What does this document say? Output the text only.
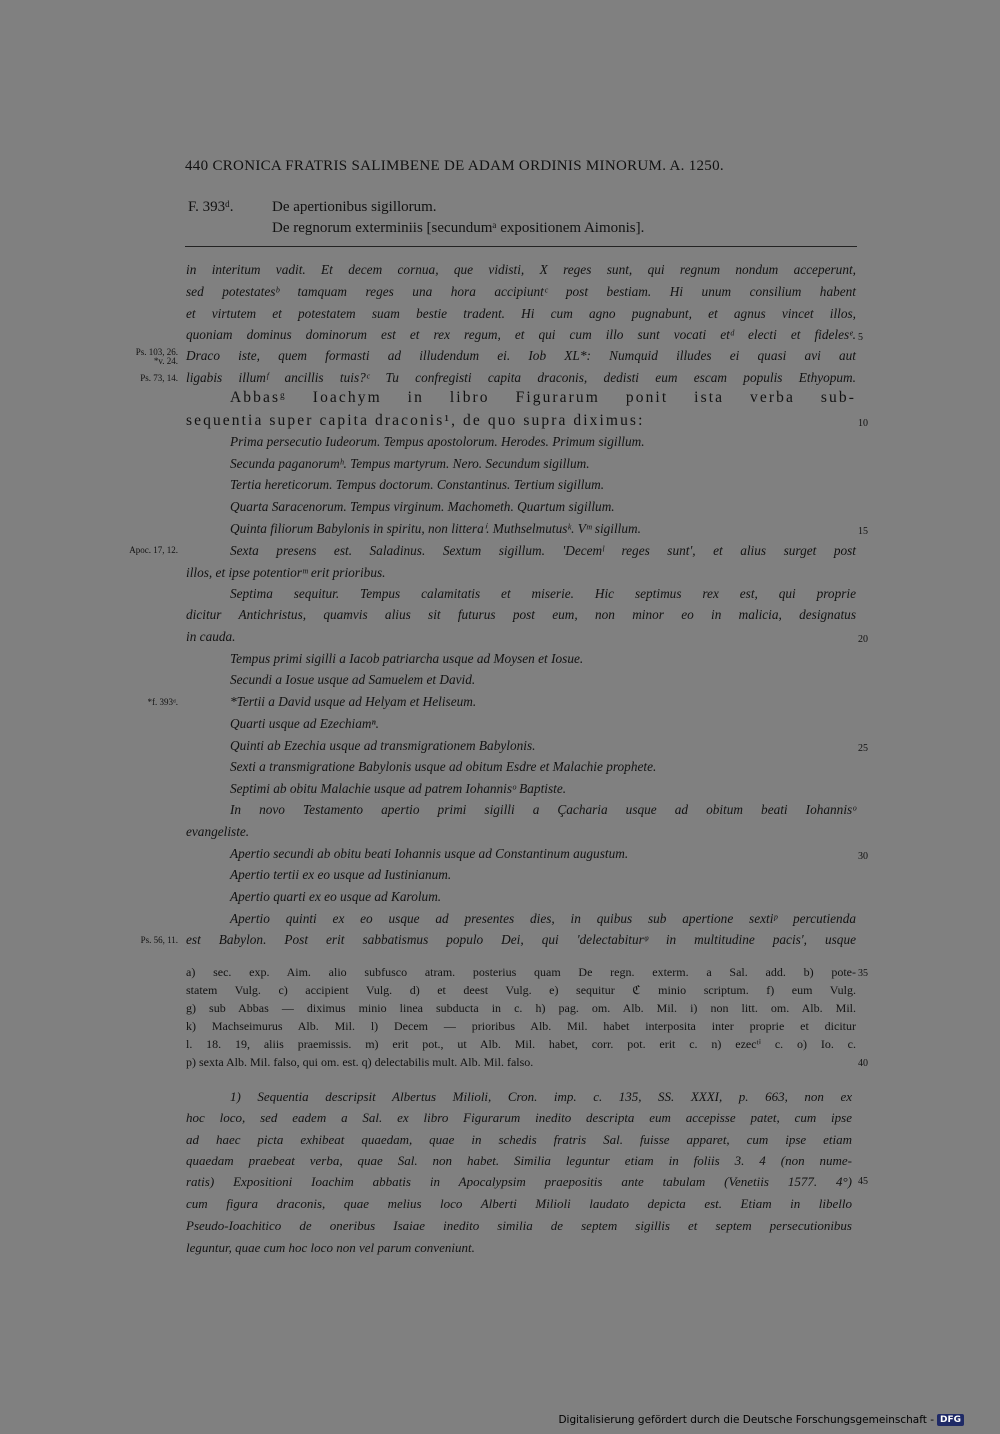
440 CRONICA FRATRIS SALIMBENE DE ADAM ORDINIS MINORUM. A. 1250.
F. 393ᵈ.	De apertionibus sigillorum.
De regnorum exterminiis [secundumᵃ expositionem Aimonis].
in interitum vadit. Et decem cornua, que vidisti, X reges sunt, qui regnum nondum acceperunt,
sed potestatesᵇ tamquam reges una hora accipiuntᶜ post bestiam. Hi unum consilium habent
et virtutem et potestatem suam bestie tradent. Hi cum agno pugnabunt, et agnus vincet illos,
quoniam dominus dominorum est et rex regum, et qui cum illo sunt vocati etᵈ electi et fidelesᵉ.
Draco iste, quem formasti ad illudendum ei. Iob XL*: Numquid illudes ei quasi avi aut
ligabis illumᶠ ancillis tuis?ᶜ Tu confregisti capita draconis, dedisti eum escam populis Ethyopum.
Abbasᵍ Ioachym in libro Figurarum ponit ista verba sub-
sequentia super capita draconis¹, de quo supra diximus:
Prima persecutio Iudeorum. Tempus apostolorum. Herodes. Primum sigillum.
Secunda paganorumʰ. Tempus martyrum. Nero. Secundum sigillum.
Tertia hereticorum. Tempus doctorum. Constantinus. Tertium sigillum.
Quarta Saracenorum. Tempus virginum. Machometh. Quartum sigillum.
Quinta filiorum Babylonis in spiritu, non litteraⁱ. Muthselmutusᵏ. Vᵐ sigillum.
Sexta presens est. Saladinus. Sextum sigillum. 'Decemˡ reges sunt', et alius surget post
illos, et ipse potentiorᵐ erit prioribus.
Septima sequitur. Tempus calamitatis et miserie. Hic septimus rex est, qui proprie
dicitur Antichristus, quamvis alius sit futurus post eum, non minor eo in malicia, designatus
in cauda.
Tempus primi sigilli a Iacob patriarcha usque ad Moysen et Iosue.
Secundi a Iosue usque ad Samuelem et David.
*Tertii a David usque ad Helyam et Heliseum.
Quarti usque ad Ezechiamⁿ.
Quinti ab Ezechia usque ad transmigrationem Babylonis.
Sexti a transmigratione Babylonis usque ad obitum Esdre et Malachie prophete.
Septimi ab obitu Malachie usque ad patrem Iohannisᵒ Baptiste.
In novo Testamento apertio primi sigilli a Çacharia usque ad obitum beati Iohannisᵒ
evangeliste.
Apertio secundi ab obitu beati Iohannis usque ad Constantinum augustum.
Apertio tertii ex eo usque ad Iustinianum.
Apertio quarti ex eo usque ad Karolum.
Apertio quinti ex eo usque ad presentes dies, in quibus sub apertione sextiᵖ percutienda
est Babylon. Post erit sabbatismus populo Dei, qui 'delectabiturᵠ in multitudine pacis', usque
Ps. 103, 26.
*v. 24.
Ps. 73, 14.
Apoc. 17, 12.
*f. 393ᵈ.
Ps. 56, 11.
5
10
15
20
25
30
35
40
45
a) sec. exp. Aim. alio subfusco atram. posterius quam De regn. exterm. a Sal. add. b) pote-
statem Vulg. c) accipient Vulg. d) et deest Vulg. e) sequitur ℭ minio scriptum. f) eum Vulg.
g) sub Abbas — diximus minio linea subducta in c. h) pag. om. Alb. Mil. i) non litt. om. Alb. Mil.
k) Machseimurus Alb. Mil. l) Decem — prioribus Alb. Mil. habet interposita inter proprie et dicitur
l. 18. 19, aliis praemissis. m) erit pot., ut Alb. Mil. habet, corr. pot. erit c. n) ezecᵗⁱ c. o) Io. c.
p) sexta Alb. Mil. falso, qui om. est. q) delectabilis mult. Alb. Mil. falso.
1) Sequentia descripsit Albertus Milioli, Cron. imp. c. 135, SS. XXXI, p. 663, non ex
hoc loco, sed eadem a Sal. ex libro Figurarum inedito descripta eum accepisse patet, cum ipse
ad haec picta exhibeat quaedam, quae in schedis fratris Sal. fuisse apparet, cum ipse etiam
quaedam praebeat verba, quae Sal. non habet. Similia leguntur etiam in foliis 3. 4 (non nume-
ratis) Expositioni Ioachim abbatis in Apocalypsim praepositis ante tabulam (Venetiis 1577. 4°)
cum figura draconis, quae melius loco Alberti Milioli laudato depicta est. Etiam in libello
Pseudo-Ioachitico de oneribus Isaiae inedito similia de septem sigillis et septem persecutionibus
leguntur, quae cum hoc loco non vel parum conveniunt.
Digitalisierung gefördert durch die Deutsche Forschungsgemeinschaft - DFG
